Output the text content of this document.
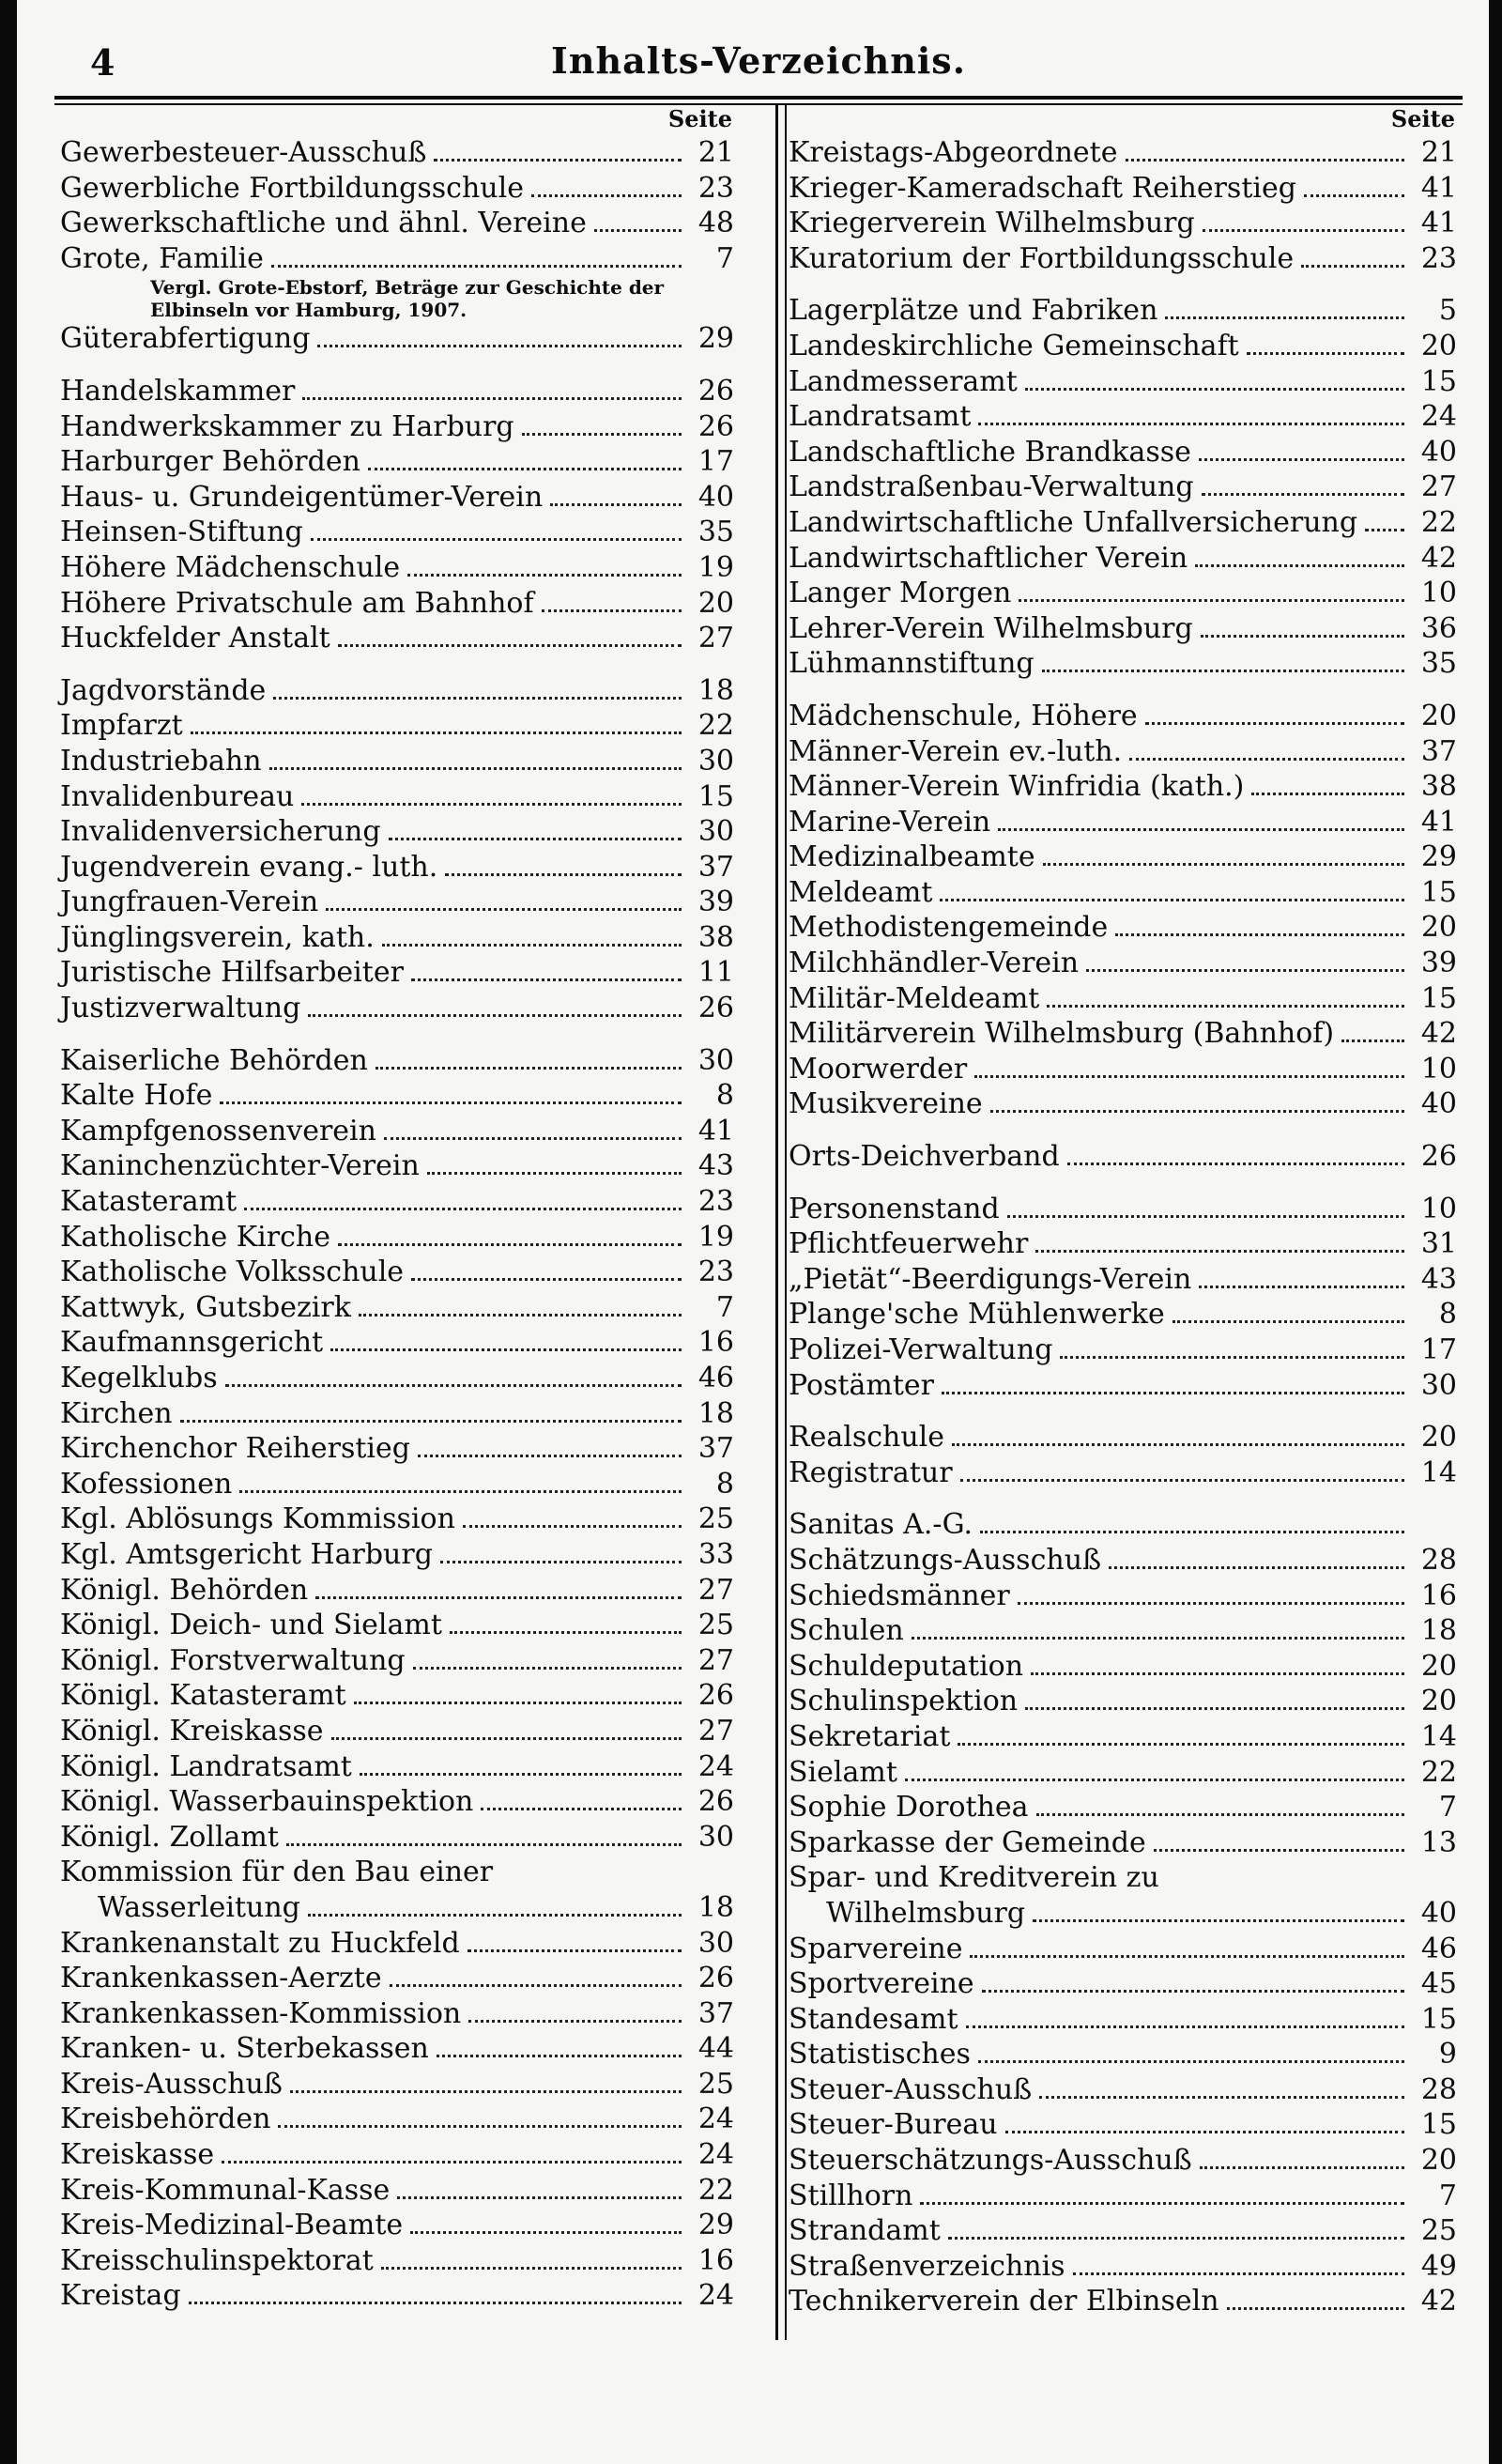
4	Inhalts-Verzeichnis.
Seite
Gewerbesteuer-Ausschuß	21
Gewerbliche Fortbildungsschule	23
Gewerkschaftliche und ähnl. Vereine	48
Grote, Familie	7
Vergl. Grote-Ebstorf, Beträge zur Geschichte der Elbinseln vor Hamburg, 1907.
Güterabfertigung	29
Handelskammer	26
Handwerkskammer zu Harburg	26
Harburger Behörden	17
Haus- u. Grundeigentümer-Verein	40
Heinsen-Stiftung	35
Höhere Mädchenschule	19
Höhere Privatschule am Bahnhof	20
Huckfelder Anstalt	27
Jagdvorstände	18
Impfarzt	22
Industriebahn	30
Invalidenbureau	15
Invalidenversicherung	30
Jugendverein evang.- luth.	37
Jungfrauen-Verein	39
Jünglingsverein, kath.	38
Juristische Hilfsarbeiter	11
Justizverwaltung	26
Kaiserliche Behörden	30
Kalte Hofe	8
Kampfgenossenverein	41
Kaninchenzüchter-Verein	43
Katasteramt	23
Katholische Kirche	19
Katholische Volksschule	23
Kattwyk, Gutsbezirk	7
Kaufmannsgericht	16
Kegelklubs	46
Kirchen	18
Kirchenchor Reiherstieg	37
Kofessionen	8
Kgl. Ablösungs Kommission	25
Kgl. Amtsgericht Harburg	33
Königl. Behörden	27
Königl. Deich- und Sielamt	25
Königl. Forstverwaltung	27
Königl. Katasteramt	26
Königl. Kreiskasse	27
Königl. Landratsamt	24
Königl. Wasserbauinspektion	26
Königl. Zollamt	30
Kommission für den Bau einer
Wasserleitung	18
Krankenanstalt zu Huckfeld	30
Krankenkassen-Aerzte	26
Krankenkassen-Kommission	37
Kranken- u. Sterbekassen	44
Kreis-Ausschuß	25
Kreisbehörden	24
Kreiskasse	24
Kreis-Kommunal-Kasse	22
Kreis-Medizinal-Beamte	29
Kreisschulinspektorat	16
Kreistag	24
Seite
Kreistags-Abgeordnete	21
Krieger-Kameradschaft Reiherstieg	41
Kriegerverein Wilhelmsburg	41
Kuratorium der Fortbildungsschule	23
Lagerplätze und Fabriken	5
Landeskirchliche Gemeinschaft	20
Landmesseramt	15
Landratsamt	24
Landschaftliche Brandkasse	40
Landstraßenbau-Verwaltung	27
Landwirtschaftliche Unfallversicherung	22
Landwirtschaftlicher Verein	42
Langer Morgen	10
Lehrer-Verein Wilhelmsburg	36
Lühmannstiftung	35
Mädchenschule, Höhere	20
Männer-Verein ev.-luth.	37
Männer-Verein Winfridia (kath.)	38
Marine-Verein	41
Medizinalbeamte	29
Meldeamt	15
Methodistengemeinde	20
Milchhändler-Verein	39
Militär-Meldeamt	15
Militärverein Wilhelmsburg (Bahnhof)	42
Moorwerder	10
Musikvereine	40
Orts-Deichverband	26
Personenstand	10
Pflichtfeuerwehr	31
„Pietät“-Beerdigungs-Verein	43
Plange'sche Mühlenwerke	8
Polizei-Verwaltung	17
Postämter	30
Realschule	20
Registratur	14
Sanitas A.-G.
Schätzungs-Ausschuß	28
Schiedsmänner	16
Schulen	18
Schuldeputation	20
Schulinspektion	20
Sekretariat	14
Sielamt	22
Sophie Dorothea	7
Sparkasse der Gemeinde	13
Spar- und Kreditverein zu
Wilhelmsburg	40
Sparvereine	46
Sportvereine	45
Standesamt	15
Statistisches	9
Steuer-Ausschuß	28
Steuer-Bureau	15
Steuerschätzungs-Ausschuß	20
Stillhorn	7
Strandamt	25
Straßenverzeichnis	49
Technikerverein der Elbinseln	42
